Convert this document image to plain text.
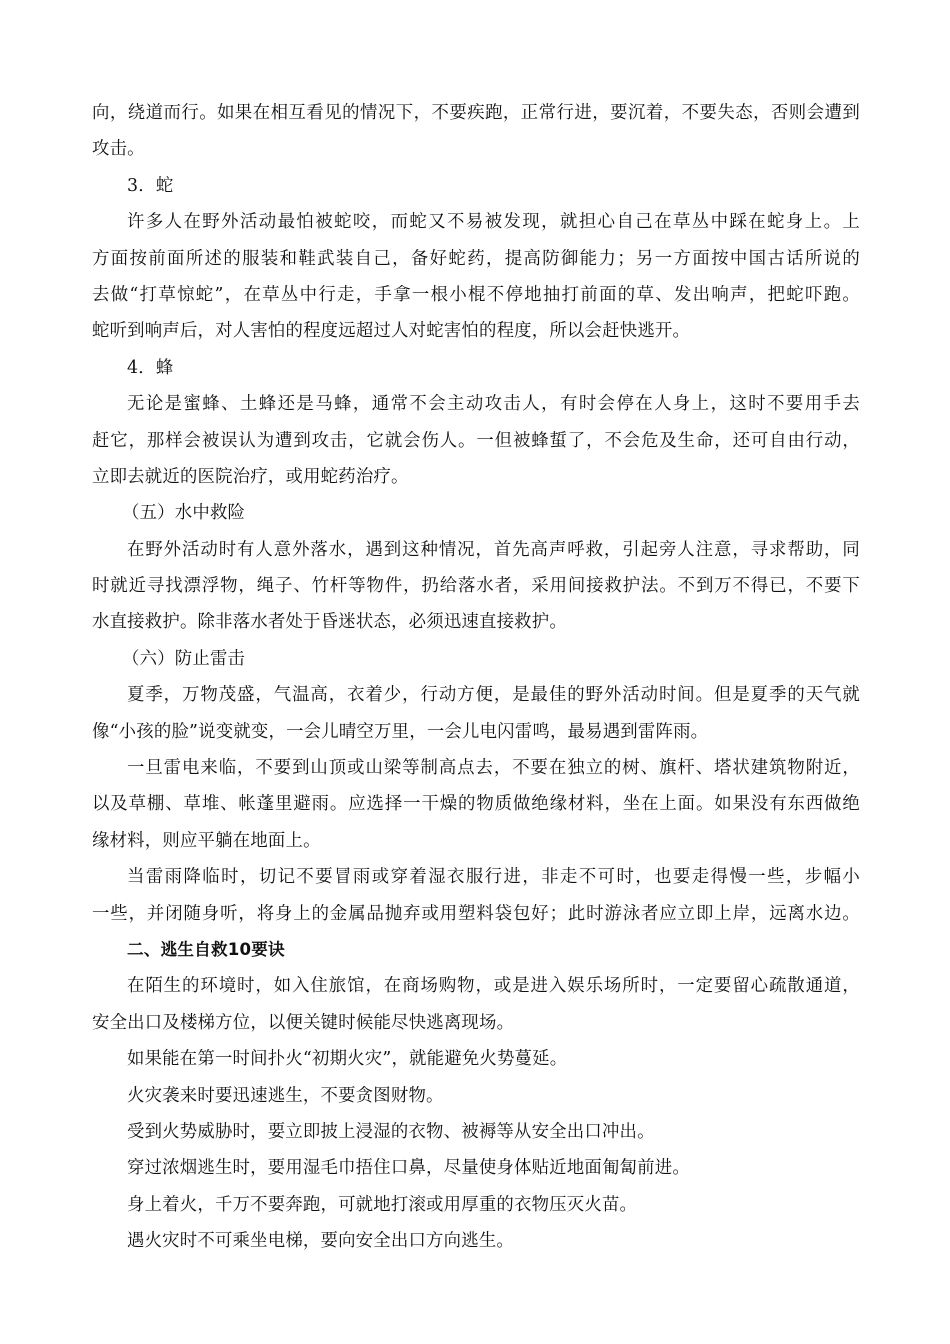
向，绕道而行。如果在相互看见的情况下，不要疾跑，正常行进，要沉着，不要失态，否则会遭到
攻击。
3．蛇
许多人在野外活动最怕被蛇咬，而蛇又不易被发现，就担心自己在草丛中踩在蛇身上。上
方面按前面所述的服装和鞋武装自己，备好蛇药，提高防御能力；另一方面按中国古话所说的
去做“打草惊蛇”，在草丛中行走，手拿一根小棍不停地抽打前面的草、发出响声，把蛇吓跑。
蛇听到响声后，对人害怕的程度远超过人对蛇害怕的程度，所以会赶快逃开。
4．蜂
无论是蜜蜂、土蜂还是马蜂，通常不会主动攻击人，有时会停在人身上，这时不要用手去
赶它，那样会被误认为遭到攻击，它就会伤人。一但被蜂蜇了，不会危及生命，还可自由行动，
立即去就近的医院治疗，或用蛇药治疗。
（五）水中救险
在野外活动时有人意外落水，遇到这种情况，首先高声呼救，引起旁人注意，寻求帮助，同
时就近寻找漂浮物，绳子、竹杆等物件，扔给落水者，采用间接救护法。不到万不得已，不要下
水直接救护。除非落水者处于昏迷状态，必须迅速直接救护。
（六）防止雷击
夏季，万物茂盛，气温高，衣着少，行动方便，是最佳的野外活动时间。但是夏季的天气就
像“小孩的脸”说变就变，一会儿晴空万里，一会儿电闪雷鸣，最易遇到雷阵雨。
一旦雷电来临，不要到山顶或山梁等制高点去，不要在独立的树、旗杆、塔状建筑物附近，
以及草棚、草堆、帐蓬里避雨。应选择一干燥的物质做绝缘材料，坐在上面。如果没有东西做绝
缘材料，则应平躺在地面上。
当雷雨降临时，切记不要冒雨或穿着湿衣服行进，非走不可时，也要走得慢一些，步幅小
一些，并闭随身听，将身上的金属品抛弃或用塑料袋包好；此时游泳者应立即上岸，远离水边。
二、逃生自救10要诀
在陌生的环境时，如入住旅馆，在商场购物，或是进入娱乐场所时，一定要留心疏散通道，
安全出口及楼梯方位，以便关键时候能尽快逃离现场。
如果能在第一时间扑火“初期火灾”，就能避免火势蔓延。
火灾袭来时要迅速逃生，不要贪图财物。
受到火势威胁时，要立即披上浸湿的衣物、被褥等从安全出口冲出。
穿过浓烟逃生时，要用湿毛巾捂住口鼻，尽量使身体贴近地面匍匐前进。
身上着火，千万不要奔跑，可就地打滚或用厚重的衣物压灭火苗。
遇火灾时不可乘坐电梯，要向安全出口方向逃生。
